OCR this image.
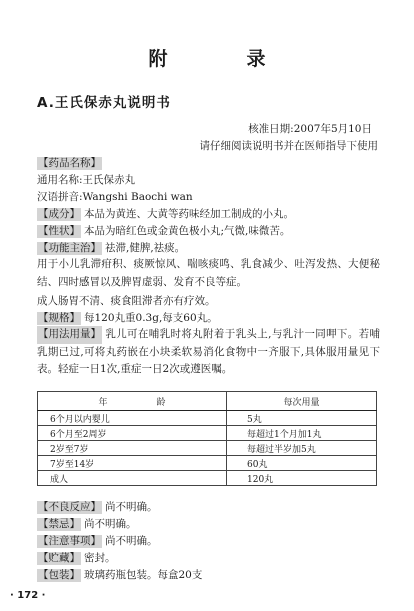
附　录
A.王氏保赤丸说明书
核准日期:2007年5月10日
请仔细阅读说明书并在医师指导下使用
【药品名称】
通用名称:王氏保赤丸
汉语拼音:Wangshi Baochi wan
【成分】 本品为黄连、大黄等药味经加工制成的小丸。
【性状】 本品为暗红色或金黄色极小丸;气微,味微苦。
【功能主治】 祛滞,健脾,祛痰。
用于小儿乳滞疳积、痰厥惊风、喘咳痰鸣、乳食减少、吐泻发热、大便秘结、四时感冒以及脾胃虚弱、发育不良等症。
成人肠胃不清、痰食阻滞者亦有疗效。
【规格】 每120丸重0.3g,每支60丸。
【用法用量】 乳儿可在哺乳时将丸附着于乳头上,与乳汁一同呷下。若哺乳期已过,可将丸药嵌在小块柔软易消化食物中一齐服下,具体服用量见下表。轻症一日1次,重症一日2次或遵医嘱。
年　龄	每次用量
6个月以内婴儿	5丸
6个月至2周岁	每超过1个月加1丸
2岁至7岁	每超过半岁加5丸
7岁至14岁	60丸
成人	120丸
【不良反应】 尚不明确。
【禁忌】 尚不明确。
【注意事项】 尚不明确。
【贮藏】 密封。
【包装】 玻璃药瓶包装。每盒20支
· 172 ·
